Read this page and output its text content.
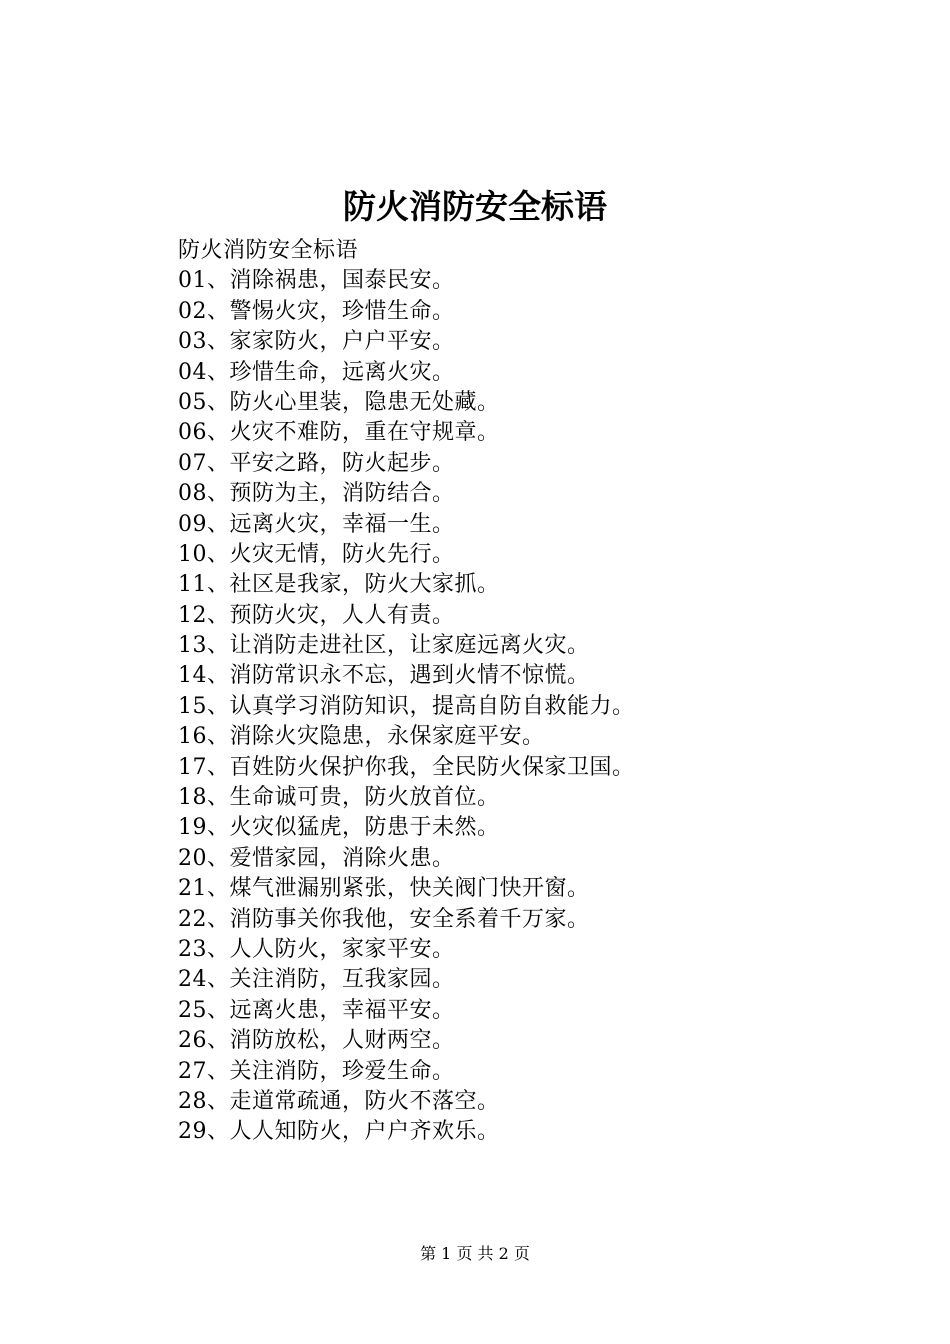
防火消防安全标语
防火消防安全标语
01、消除祸患，国泰民安。
02、警惕火灾，珍惜生命。
03、家家防火，户户平安。
04、珍惜生命，远离火灾。
05、防火心里装，隐患无处藏。
06、火灾不难防，重在守规章。
07、平安之路，防火起步。
08、预防为主，消防结合。
09、远离火灾，幸福一生。
10、火灾无情，防火先行。
11、社区是我家，防火大家抓。
12、预防火灾，人人有责。
13、让消防走进社区，让家庭远离火灾。
14、消防常识永不忘，遇到火情不惊慌。
15、认真学习消防知识，提高自防自救能力。
16、消除火灾隐患，永保家庭平安。
17、百姓防火保护你我，全民防火保家卫国。
18、生命诚可贵，防火放首位。
19、火灾似猛虎，防患于未然。
20、爱惜家园，消除火患。
21、煤气泄漏别紧张，快关阀门快开窗。
22、消防事关你我他，安全系着千万家。
23、人人防火，家家平安。
24、关注消防，互我家园。
25、远离火患，幸福平安。
26、消防放松，人财两空。
27、关注消防，珍爱生命。
28、走道常疏通，防火不落空。
29、人人知防火，户户齐欢乐。
第 1 页 共 2 页
